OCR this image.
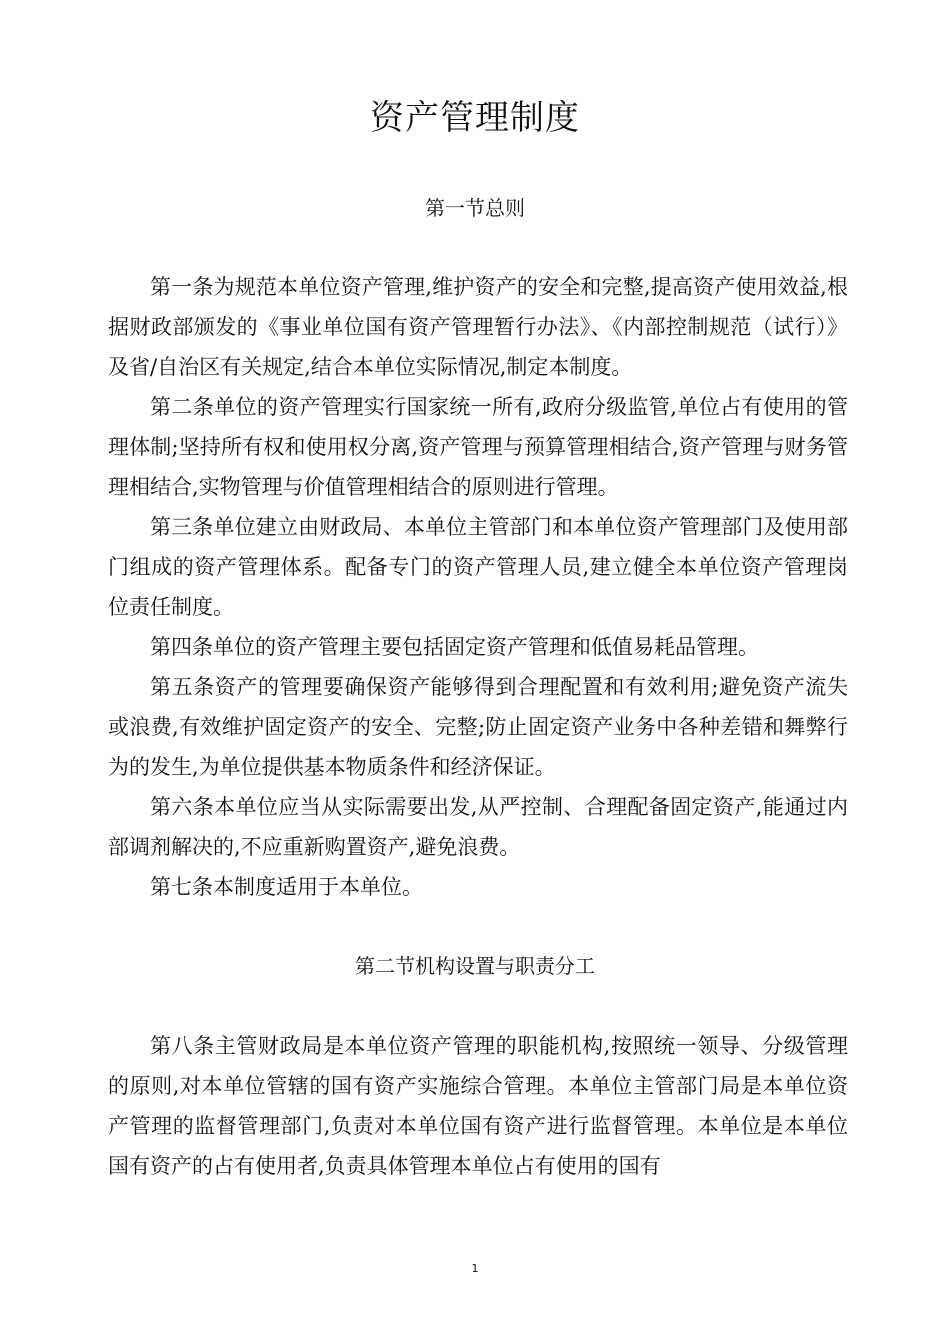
资产管理制度
第一节总则

第一条为规范本单位资产管理,维护资产的安全和完整,提高资产使用效益,根据财政部颁发的《事业单位国有资产管理暂行办法》、《内部控制规范（试行）》及省/自治区有关规定,结合本单位实际情况,制定本制度。

第二条单位的资产管理实行国家统一所有,政府分级监管,单位占有使用的管理体制;坚持所有权和使用权分离,资产管理与预算管理相结合,资产管理与财务管理相结合,实物管理与价值管理相结合的原则进行管理。

第三条单位建立由财政局、本单位主管部门和本单位资产管理部门及使用部门组成的资产管理体系。配备专门的资产管理人员,建立健全本单位资产管理岗位责任制度。

第四条单位的资产管理主要包括固定资产管理和低值易耗品管理。

第五条资产的管理要确保资产能够得到合理配置和有效利用;避免资产流失或浪费,有效维护固定资产的安全、完整;防止固定资产业务中各种差错和舞弊行为的发生,为单位提供基本物质条件和经济保证。

第六条本单位应当从实际需要出发,从严控制、合理配备固定资产,能通过内部调剂解决的,不应重新购置资产,避免浪费。

第七条本制度适用于本单位。

第二节机构设置与职责分工

第八条主管财政局是本单位资产管理的职能机构,按照统一领导、分级管理的原则,对本单位管辖的国有资产实施综合管理。本单位主管部门局是本单位资产管理的监督管理部门,负责对本单位国有资产进行监督管理。本单位是本单位国有资产的占有使用者,负责具体管理本单位占有使用的国有

1
